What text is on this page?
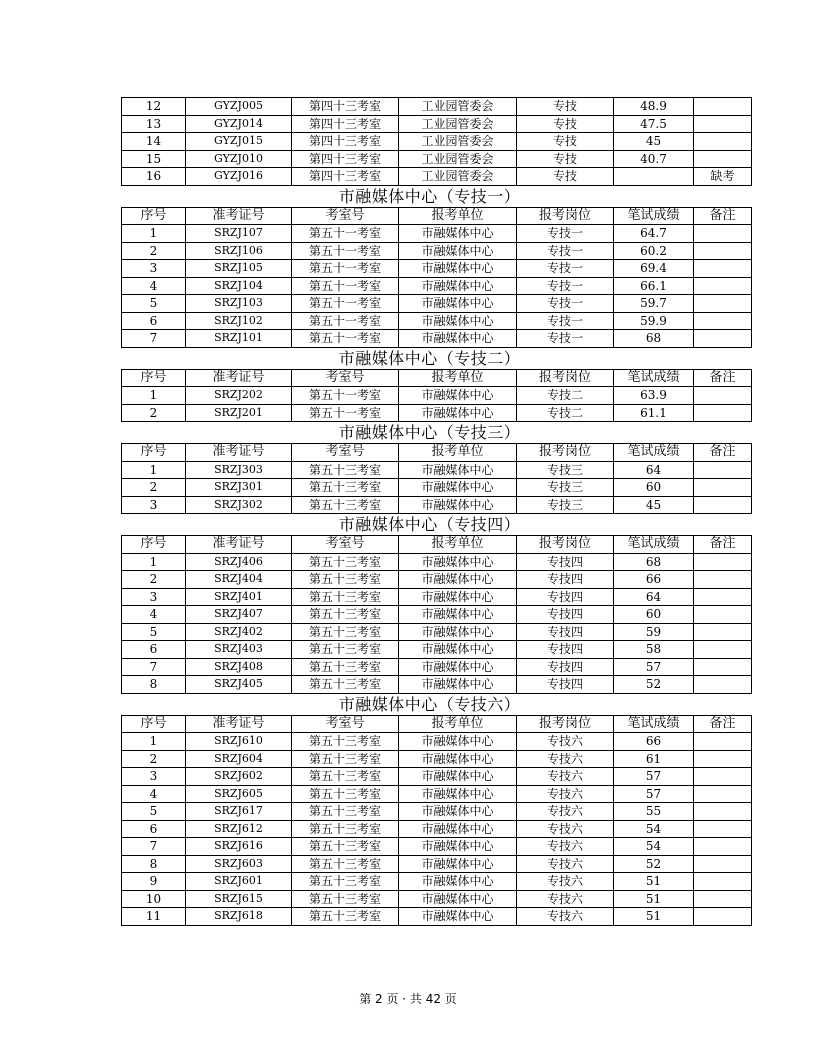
12	GYZJ005	第四十三考室	工业园管委会	专技	48.9	
13	GYZJ014	第四十三考室	工业园管委会	专技	47.5	
14	GYZJ015	第四十三考室	工业园管委会	专技	45	
15	GYZJ010	第四十三考室	工业园管委会	专技	40.7	
16	GYZJ016	第四十三考室	工业园管委会	专技		缺考
市融媒体中心（专技一）
序号	准考证号	考室号	报考单位	报考岗位	笔试成绩	备注
1	SRZJ107	第五十一考室	市融媒体中心	专技一	64.7	
2	SRZJ106	第五十一考室	市融媒体中心	专技一	60.2	
3	SRZJ105	第五十一考室	市融媒体中心	专技一	69.4	
4	SRZJ104	第五十一考室	市融媒体中心	专技一	66.1	
5	SRZJ103	第五十一考室	市融媒体中心	专技一	59.7	
6	SRZJ102	第五十一考室	市融媒体中心	专技一	59.9	
7	SRZJ101	第五十一考室	市融媒体中心	专技一	68	
市融媒体中心（专技二）
序号	准考证号	考室号	报考单位	报考岗位	笔试成绩	备注
1	SRZJ202	第五十一考室	市融媒体中心	专技二	63.9	
2	SRZJ201	第五十一考室	市融媒体中心	专技二	61.1	
市融媒体中心（专技三）
序号	准考证号	考室号	报考单位	报考岗位	笔试成绩	备注
1	SRZJ303	第五十三考室	市融媒体中心	专技三	64	
2	SRZJ301	第五十三考室	市融媒体中心	专技三	60	
3	SRZJ302	第五十三考室	市融媒体中心	专技三	45	
市融媒体中心（专技四）
序号	准考证号	考室号	报考单位	报考岗位	笔试成绩	备注
1	SRZJ406	第五十三考室	市融媒体中心	专技四	68	
2	SRZJ404	第五十三考室	市融媒体中心	专技四	66	
3	SRZJ401	第五十三考室	市融媒体中心	专技四	64	
4	SRZJ407	第五十三考室	市融媒体中心	专技四	60	
5	SRZJ402	第五十三考室	市融媒体中心	专技四	59	
6	SRZJ403	第五十三考室	市融媒体中心	专技四	58	
7	SRZJ408	第五十三考室	市融媒体中心	专技四	57	
8	SRZJ405	第五十三考室	市融媒体中心	专技四	52	
市融媒体中心（专技六）
序号	准考证号	考室号	报考单位	报考岗位	笔试成绩	备注
1	SRZJ610	第五十三考室	市融媒体中心	专技六	66	
2	SRZJ604	第五十三考室	市融媒体中心	专技六	61	
3	SRZJ602	第五十三考室	市融媒体中心	专技六	57	
4	SRZJ605	第五十三考室	市融媒体中心	专技六	57	
5	SRZJ617	第五十三考室	市融媒体中心	专技六	55	
6	SRZJ612	第五十三考室	市融媒体中心	专技六	54	
7	SRZJ616	第五十三考室	市融媒体中心	专技六	54	
8	SRZJ603	第五十三考室	市融媒体中心	专技六	52	
9	SRZJ601	第五十三考室	市融媒体中心	专技六	51	
10	SRZJ615	第五十三考室	市融媒体中心	专技六	51	
11	SRZJ618	第五十三考室	市融媒体中心	专技六	51	
第 2 页 · 共 42 页
